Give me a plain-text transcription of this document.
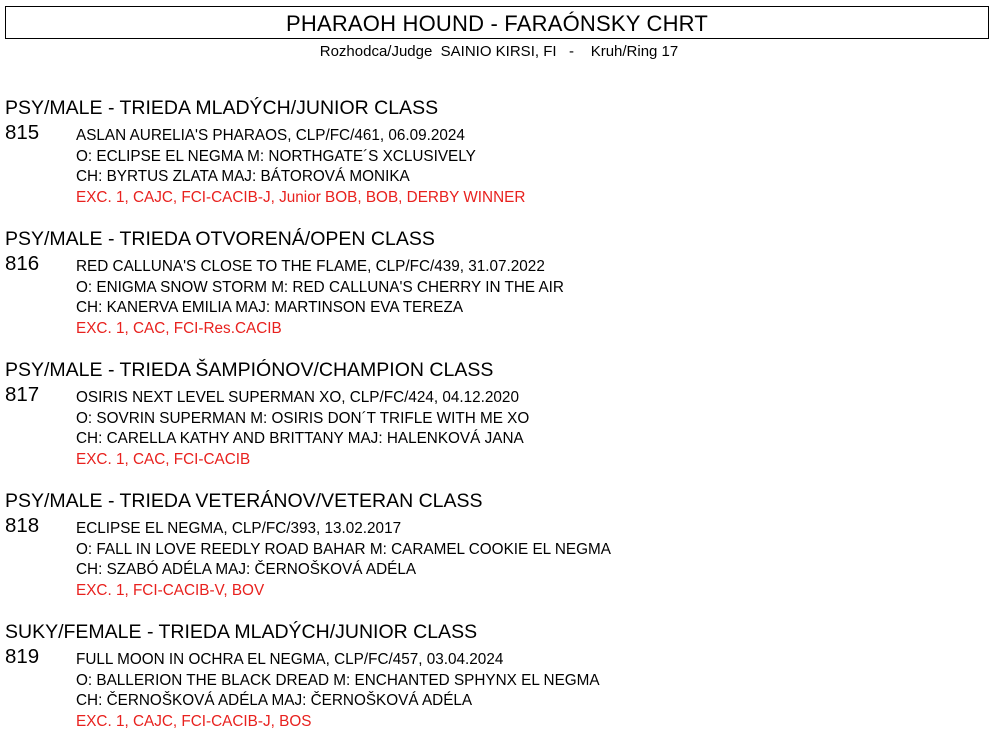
PHARAOH HOUND - FARAÓNSKY CHRT
Rozhodca/Judge  SAINIO KIRSI, FI   -    Kruh/Ring 17
PSY/MALE - TRIEDA MLADÝCH/JUNIOR CLASS
815 ASLAN AURELIA'S PHARAOS, CLP/FC/461, 06.09.2024
O: ECLIPSE EL NEGMA M: NORTHGATE´S XCLUSIVELY
CH: BYRTUS ZLATA MAJ: BÁTOROVÁ MONIKA
EXC. 1, CAJC, FCI-CACIB-J, Junior BOB, BOB, DERBY WINNER
PSY/MALE - TRIEDA OTVORENÁ/OPEN CLASS
816 RED CALLUNA'S CLOSE TO THE FLAME, CLP/FC/439, 31.07.2022
O: ENIGMA SNOW STORM M: RED CALLUNA'S CHERRY IN THE AIR
CH: KANERVA EMILIA MAJ: MARTINSON EVA TEREZA
EXC. 1, CAC, FCI-Res.CACIB
PSY/MALE - TRIEDA ŠAMPIÓNOV/CHAMPION CLASS
817 OSIRIS NEXT LEVEL SUPERMAN XO, CLP/FC/424, 04.12.2020
O: SOVRIN SUPERMAN M: OSIRIS DON´T TRIFLE WITH ME XO
CH: CARELLA KATHY AND BRITTANY MAJ: HALENKOVÁ JANA
EXC. 1, CAC, FCI-CACIB
PSY/MALE - TRIEDA VETERÁNOV/VETERAN CLASS
818 ECLIPSE EL NEGMA, CLP/FC/393, 13.02.2017
O: FALL IN LOVE REEDLY ROAD BAHAR M: CARAMEL COOKIE EL NEGMA
CH: SZABÓ ADÉLA MAJ: ČERNOŠKOVÁ ADÉLA
EXC. 1, FCI-CACIB-V, BOV
SUKY/FEMALE - TRIEDA MLADÝCH/JUNIOR CLASS
819 FULL MOON IN OCHRA EL NEGMA, CLP/FC/457, 03.04.2024
O: BALLERION THE BLACK DREAD M: ENCHANTED SPHYNX EL NEGMA
CH: ČERNOŠKOVÁ ADÉLA MAJ: ČERNOŠKOVÁ ADÉLA
EXC. 1, CAJC, FCI-CACIB-J, BOS
